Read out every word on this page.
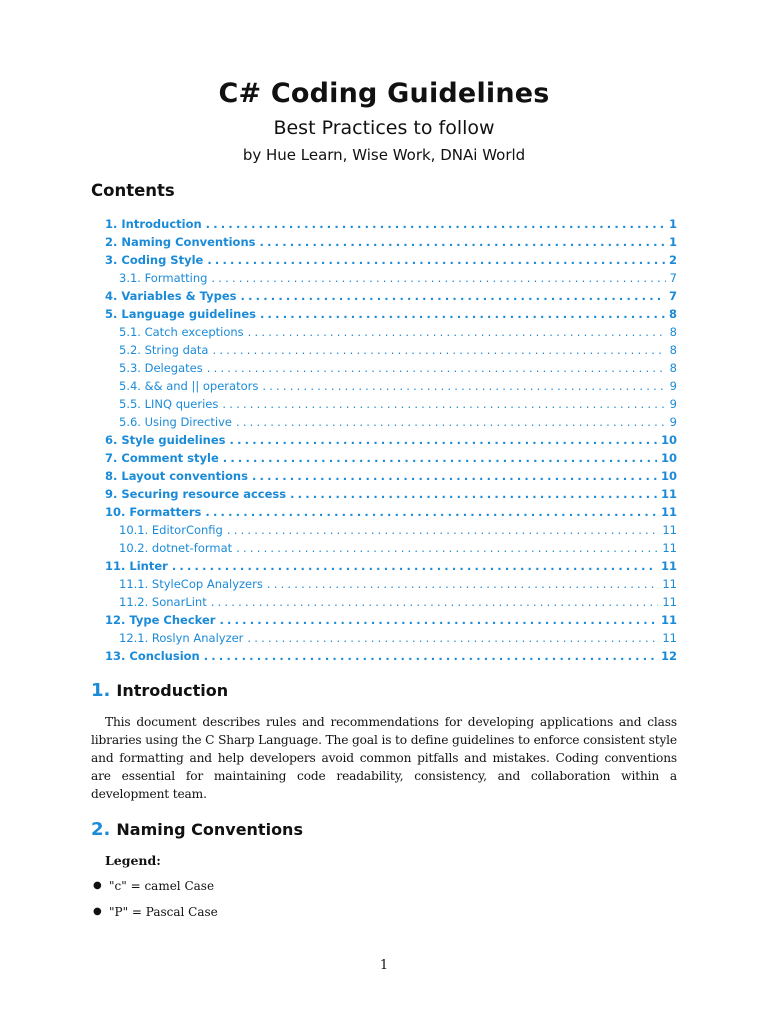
C# Coding Guidelines
Best Practices to follow
by Hue Learn, Wise Work, DNAi World
Contents
1. Introduction .....	1
2. Naming Conventions .....	1
3. Coding Style .....	2
3.1. Formatting .....	7
4. Variables & Types .....	7
5. Language guidelines .....	8
5.1. Catch exceptions .....	8
5.2. String data .....	8
5.3. Delegates .....	8
5.4. && and || operators .....	9
5.5. LINQ queries .....	9
5.6. Using Directive .....	9
6. Style guidelines .....	10
7. Comment style .....	10
8. Layout conventions .....	10
9. Securing resource access .....	11
10. Formatters .....	11
10.1. EditorConfig .....	11
10.2. dotnet-format .....	11
11. Linter .....	11
11.1. StyleCop Analyzers .....	11
11.2. SonarLint .....	11
12. Type Checker .....	11
12.1. Roslyn Analyzer .....	11
13. Conclusion .....	12
1. Introduction
This document describes rules and recommendations for developing applications and class libraries using the C Sharp Language. The goal is to define guidelines to enforce consistent style and formatting and help developers avoid common pitfalls and mistakes. Coding conventions are essential for maintaining code readability, consistency, and collaboration within a development team.
2. Naming Conventions
Legend:
● "c" = camel Case
● "P" = Pascal Case
1
